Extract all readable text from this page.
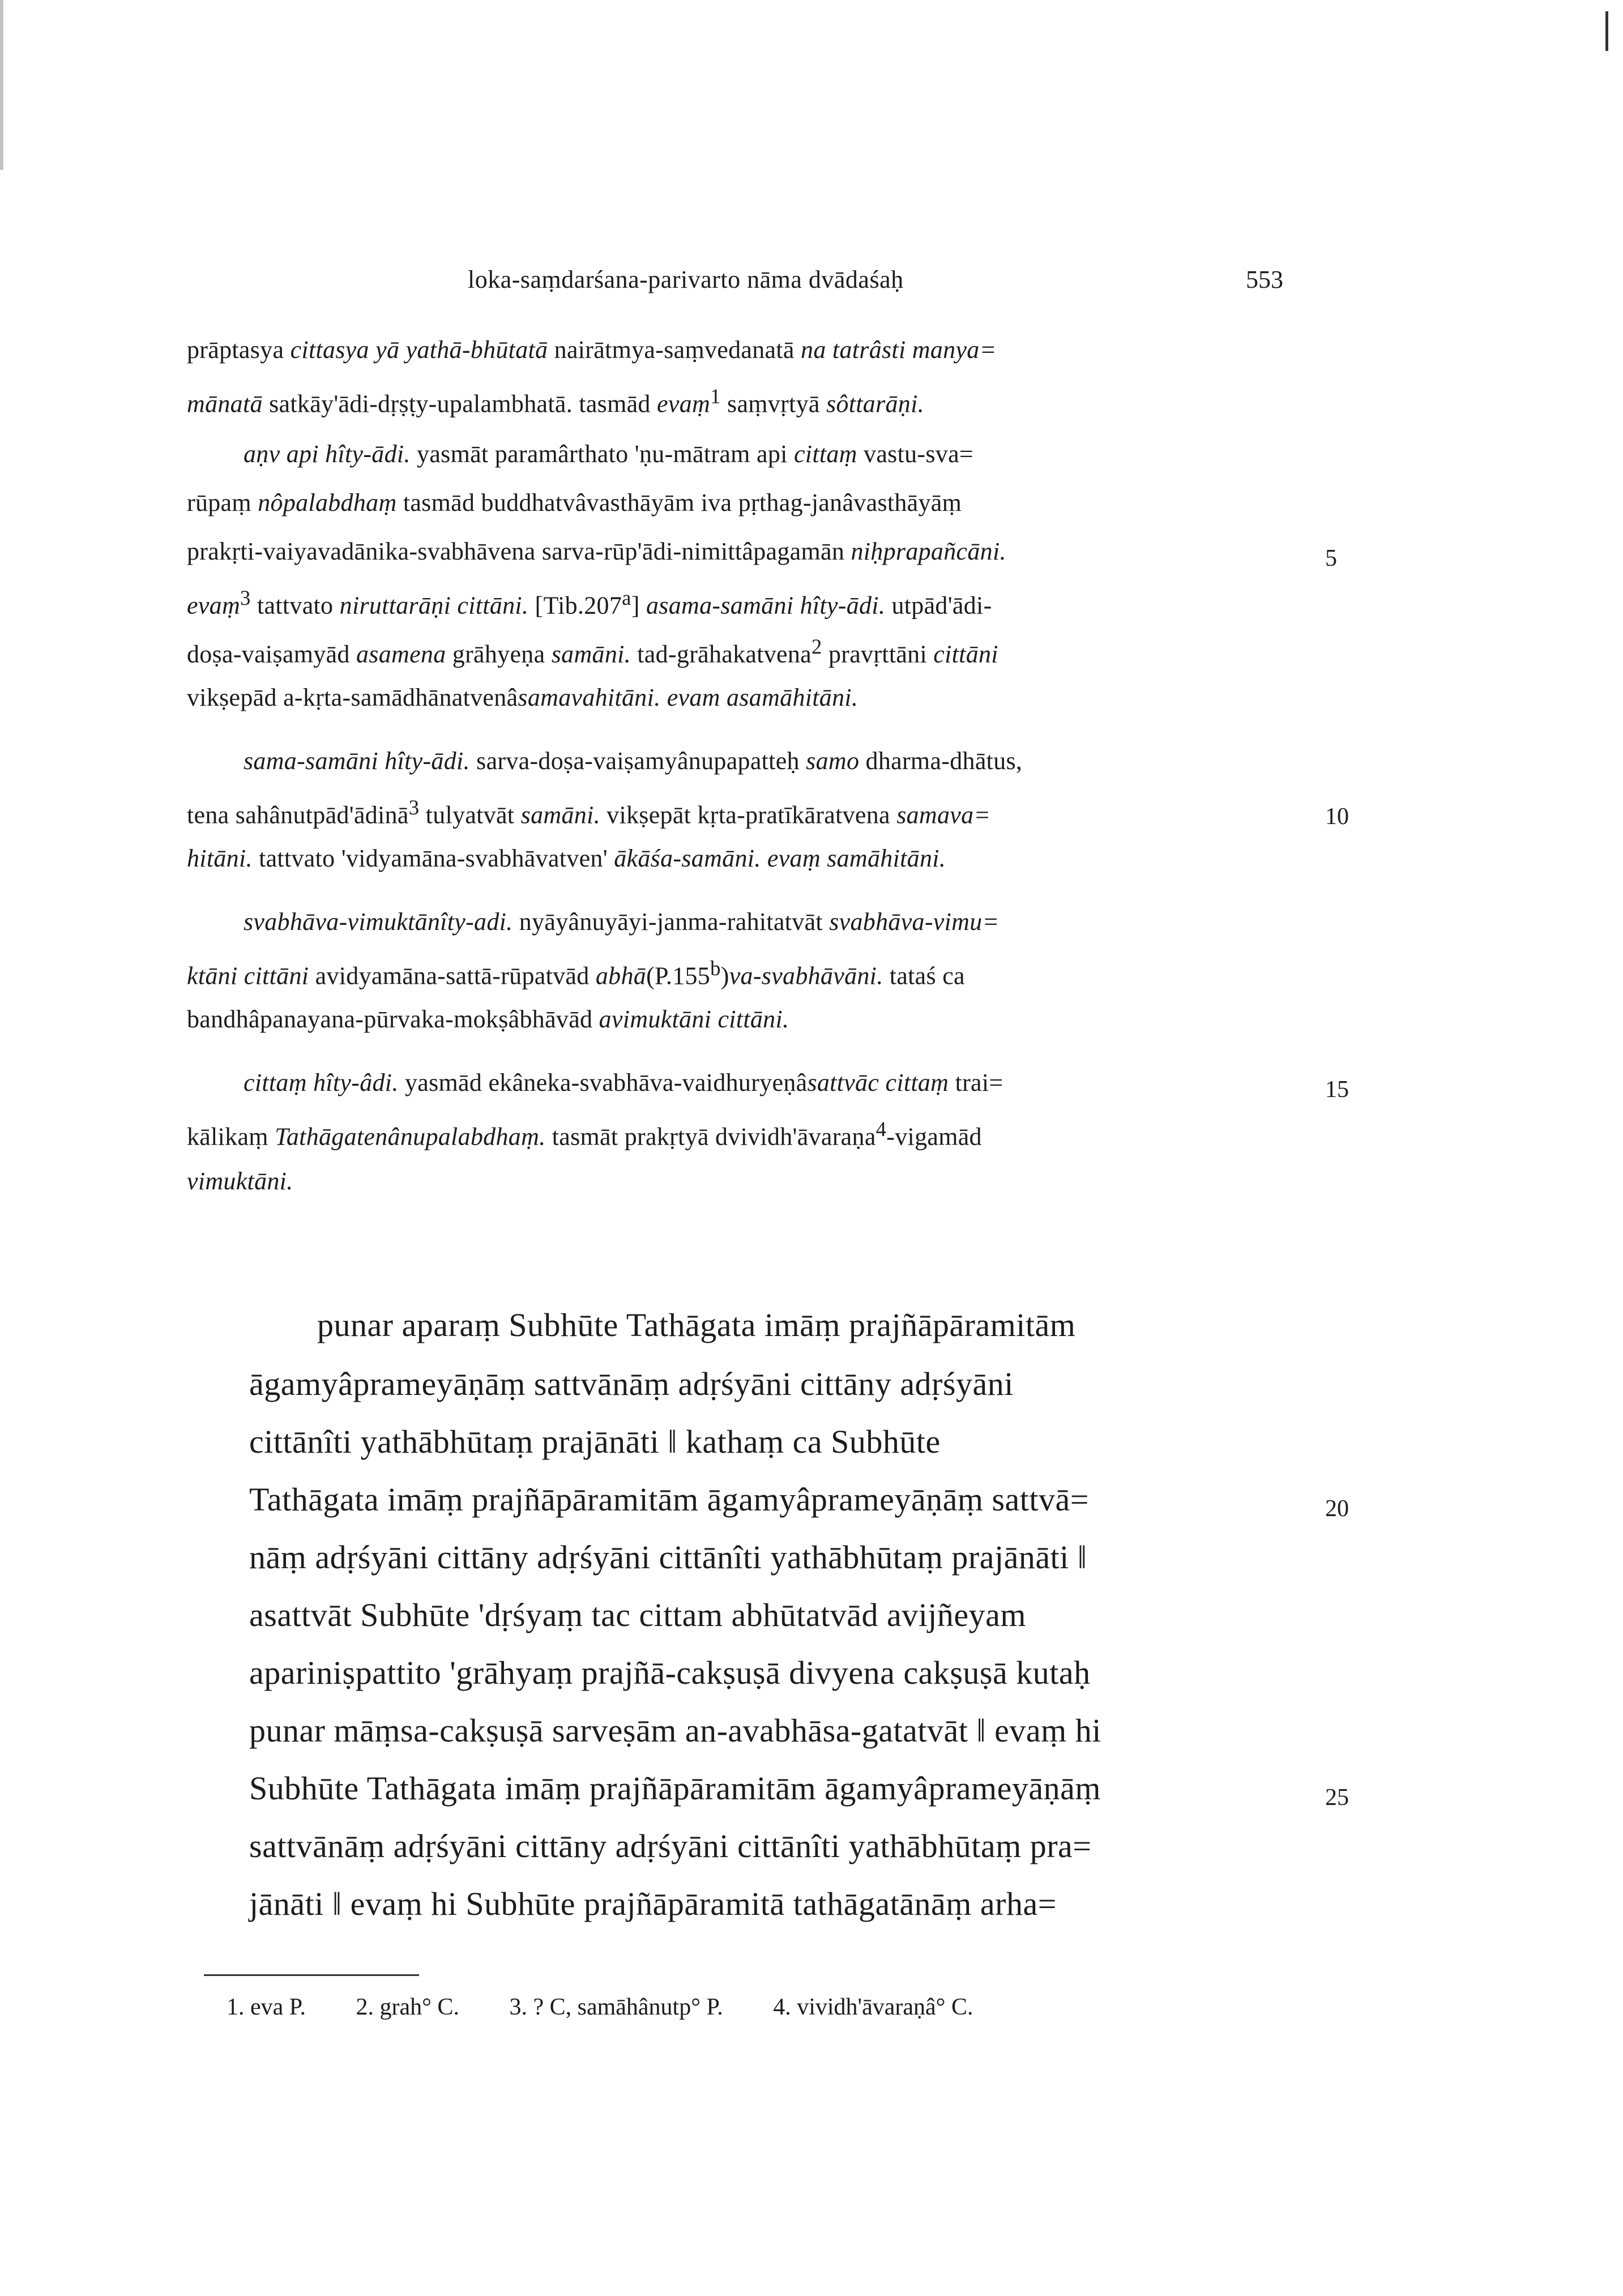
loka-saṃdarśana-parivarto nāma dvādaśaḥ	553
prāptasya cittasya yā yathā-bhūtatā nairātmya-saṃvedanatā na tatrâsti manya=
mānatā satkāy'ādi-dṛṣṭy-upalambhatā. tasmād evaṃ$^1$ saṃvṛtyā sôttarāṇi.
aṇv api hîty-ādi. yasmāt paramârthato 'ṇu-mātram api cittaṃ vastu-sva=
rūpaṃ nôpalabdhaṃ tasmād buddhatvâvasthāyām iva pṛthag-janâvasthāyāṃ
prakṛti-vaiyavadānika-svabhāvena sarva-rūp'ādi-nimittâpagamān niḥprapañcāni.
evaṃ$^3$ tattvato niruttarāṇi cittāni. [Tib.207$^a$] asama-samāni hîty-ādi. utpād'ādi-
doṣa-vaiṣamyād asamena grāhyeṇa samāni. tad-grāhakatvena$^2$ pravṛttāni cittāni
vikṣepād a-kṛta-samādhānatvenâsamavahitāni. evam asamāhitāni.
sama-samāni hîty-ādi. sarva-doṣa-vaiṣamyânupapatteḥ samo dharma-dhātus,
tena sahânutpād'ādinā$^3$ tulyatvāt samāni. vikṣepāt kṛta-pratīkāratvena samava=
hitāni. tattvato 'vidyamāna-svabhāvatven' ākāśa-samāni. evaṃ samāhitāni.
svabhāva-vimuktānîty-adi. nyāyânuyāyi-janma-rahitatvāt svabhāva-vimu=
ktāni cittāni avidyamāna-sattā-rūpatvād abhā(P.155$^b$)va-svabhāvāni. tataś ca
bandhâpanayana-pūrvaka-mokṣâbhāvād avimuktāni cittāni.
cittaṃ hîty-âdi. yasmād ekâneka-svabhāva-vaidhuryeṇâsattvāc cittaṃ trai=
kālikaṃ Tathāgatenânupalabdhaṃ. tasmāt prakṛtyā dvividh'āvaraṇa$^4$-vigamād
vimuktāni.
punar aparaṃ Subhūte Tathāgata imāṃ prajñāpāramitām
āgamyâprameyāṇāṃ sattvānāṃ adṛśyāni cittāny adṛśyāni
cittānîti yathābhūtaṃ prajānāti ‖ kathaṃ ca Subhūte
Tathāgata imāṃ prajñāpāramitām āgamyâprameyāṇāṃ sattvā=
nāṃ adṛśyāni cittāny adṛśyāni cittānîti yathābhūtaṃ prajānāti ‖
asattvāt Subhūte 'dṛśyaṃ tac cittam abhūtatvād avijñeyam
apariniṣpattito 'grāhyaṃ prajñā-cakṣuṣā divyena cakṣuṣā kutaḥ
punar māṃsa-cakṣuṣā sarveṣām an-avabhāsa-gatatvāt ‖ evaṃ hi
Subhūte Tathāgata imāṃ prajñāpāramitām āgamyâprameyāṇāṃ
sattvānāṃ adṛśyāni cittāny adṛśyāni cittānîti yathābhūtaṃ pra=
jānāti ‖ evaṃ hi Subhūte prajñāpāramitā tathāgatānāṃ arha=
5
10
15
20
25
1. eva P. 2. grah° C. 3. ? C, samāhânutp° P. 4. vividh'āvaraṇâ° C.
